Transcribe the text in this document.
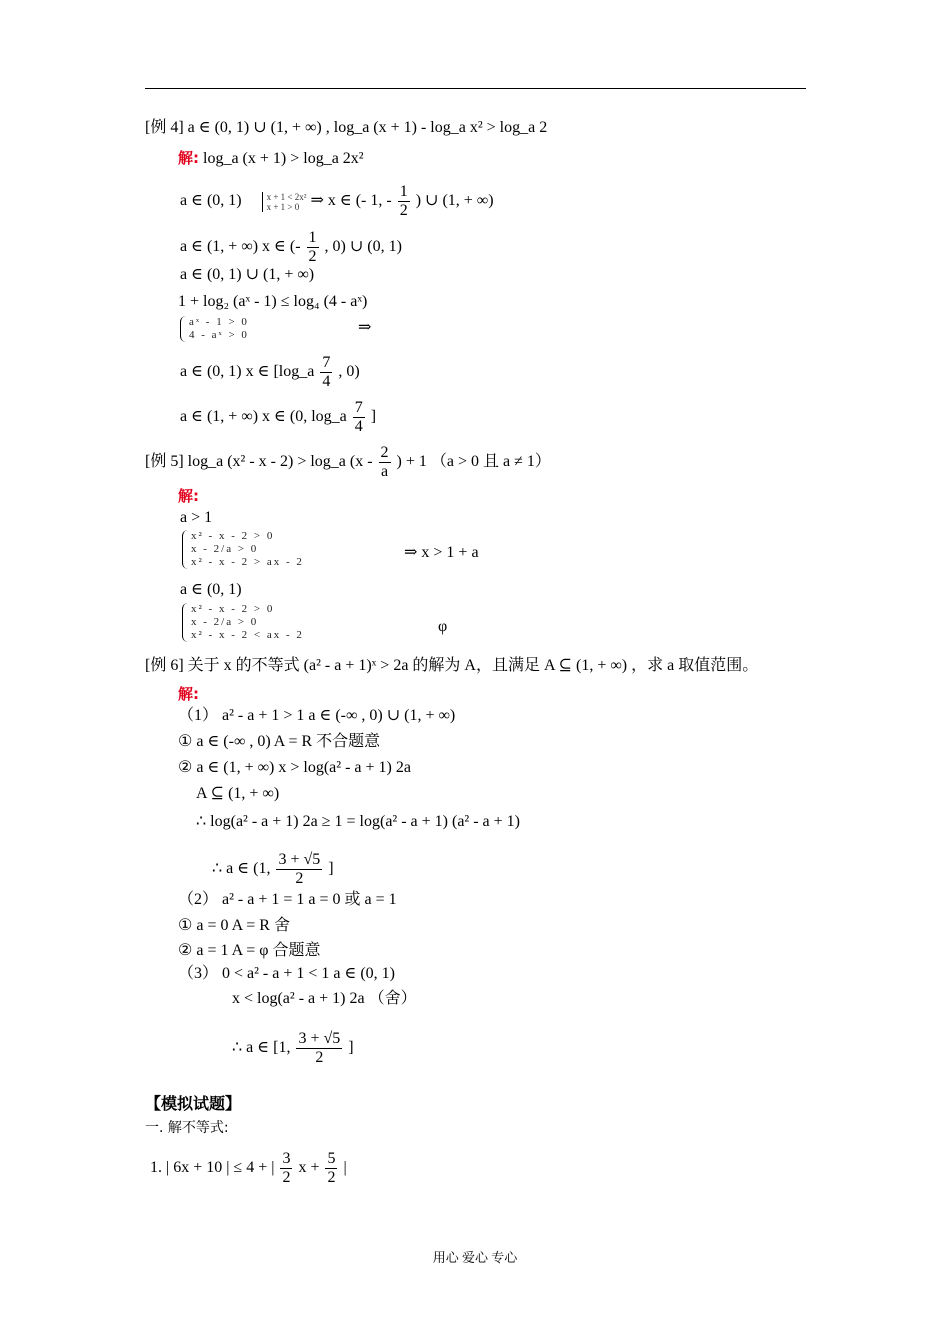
[例 4] a ∈ (0, 1) ∪ (1, + ∞) , log_a (x + 1) - log_a x² > log_a 2
解: log_a (x + 1) > log_a 2x²
a ∈ (0, 1)	x + 1 < 2x²
x + 1 > 0 ⇒ x ∈ (- 1, - $\frac{1}{2}$ ) ∪ (1, + ∞)
a ∈ (1, + ∞) x ∈ (- $\frac{1}{2}$ , 0) ∪ (0, 1)
a ∈ (0, 1) ∪ (1, + ∞)
1 + log₂ (aˣ - 1) ≤ log₄ (4 - aˣ)
aˣ - 1 > 0
4 - aˣ > 0	⇒
a ∈ (0, 1) x ∈ [log_a $\frac{7}{4}$ , 0)
a ∈ (1, + ∞) x ∈ (0, log_a $\frac{7}{4}$ ]
[例 5] log_a (x² - x - 2) > log_a ($x - \frac{2}{a}$ ) + 1 （a > 0 且 a ≠ 1）
解:
a > 1
x² - x - 2 > 0
x - 2/a > 0
x² - x - 2 > ax - 2
⇒ x > 1 + a
a ∈ (0, 1)
x² - x - 2 > 0
x - 2/a > 0
x² - x - 2 < ax - 2	φ
[例 6] 关于 x 的不等式 (a² - a + 1)ˣ > 2a 的解为 A，且满足 A ⊆ (1, + ∞) ，求 a 取值范围。
解:
（1） a² - a + 1 > 1 a ∈ (-∞ , 0) ∪ (1, + ∞)
① a ∈ (-∞ , 0) A = R 不合题意
② a ∈ (1, + ∞) x > log(a² - a + 1) 2a
A ⊆ (1, + ∞)
∴ log(a² - a + 1) 2a ≥ 1 = log(a² - a + 1) (a² - a + 1)
∴ a ∈ (1, $\frac{3 + √5}{2}$ ]
（2） a² - a + 1 = 1 a = 0 或 a = 1
① a = 0 A = R 舍
② a = 1 A = φ 合题意
（3） 0 < a² - a + 1 < 1 a ∈ (0, 1)
x < log(a² - a + 1) 2a （舍）
∴ a ∈ [1, $\frac{3 + √5}{2}$ ]
【模拟试题】
一. 解不等式:
1. | 6x + 10 | ≤ 4 + | $\frac{3}{2}$ $x + \frac{5}{2}$ |
用心 爱心 专心
